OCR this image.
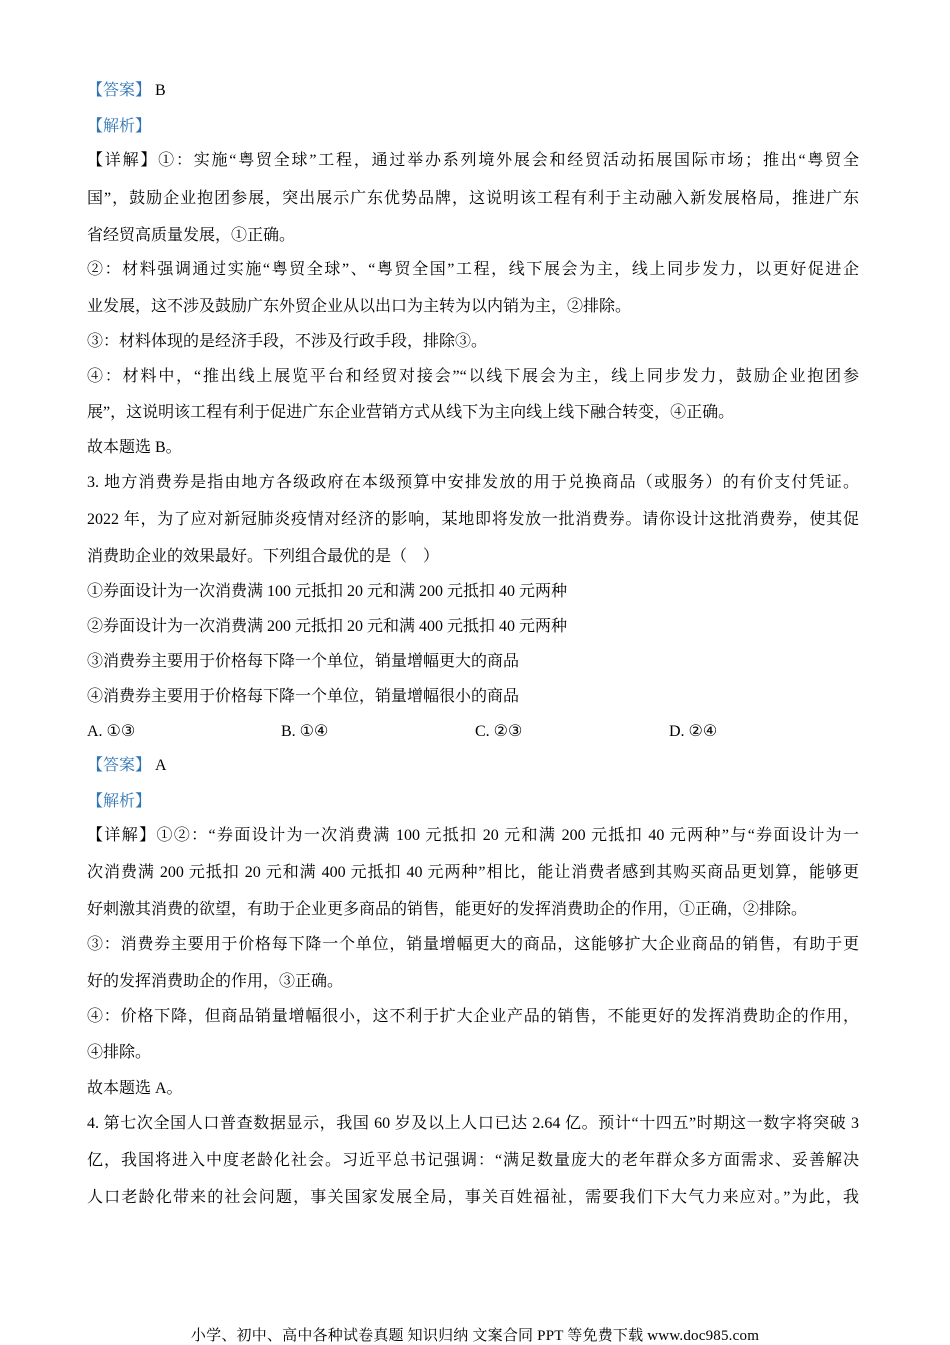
【答案】 B
【解析】
【详解】①：实施“粤贸全球”工程，通过举办系列境外展会和经贸活动拓展国际市场；推出“粤贸全
国”，鼓励企业抱团参展，突出展示广东优势品牌，这说明该工程有利于主动融入新发展格局，推进广东
省经贸高质量发展，①正确。
②：材料强调通过实施“粤贸全球”、“粤贸全国”工程，线下展会为主，线上同步发力，以更好促进企
业发展，这不涉及鼓励广东外贸企业从以出口为主转为以内销为主，②排除。
③：材料体现的是经济手段，不涉及行政手段，排除③。
④：材料中，“推出线上展览平台和经贸对接会”“以线下展会为主，线上同步发力，鼓励企业抱团参
展”，这说明该工程有利于促进广东企业营销方式从线下为主向线上线下融合转变，④正确。
故本题选 B。
3. 地方消费券是指由地方各级政府在本级预算中安排发放的用于兑换商品（或服务）的有价支付凭证。
2022 年，为了应对新冠肺炎疫情对经济的影响，某地即将发放一批消费券。请你设计这批消费券，使其促
消费助企业的效果最好。下列组合最优的是（　）
①券面设计为一次消费满 100 元抵扣 20 元和满 200 元抵扣 40 元两种
②券面设计为一次消费满 200 元抵扣 20 元和满 400 元抵扣 40 元两种
③消费券主要用于价格每下降一个单位，销量增幅更大的商品
④消费券主要用于价格每下降一个单位，销量增幅很小的商品
A. ①③	B. ①④	C. ②③	D. ②④
【答案】 A
【解析】
【详解】①②：“券面设计为一次消费满 100 元抵扣 20 元和满 200 元抵扣 40 元两种”与“券面设计为一
次消费满 200 元抵扣 20 元和满 400 元抵扣 40 元两种”相比，能让消费者感到其购买商品更划算，能够更
好刺激其消费的欲望，有助于企业更多商品的销售，能更好的发挥消费助企的作用，①正确，②排除。
③：消费券主要用于价格每下降一个单位，销量增幅更大的商品，这能够扩大企业商品的销售，有助于更
好的发挥消费助企的作用，③正确。
④：价格下降，但商品销量增幅很小，这不利于扩大企业产品的销售，不能更好的发挥消费助企的作用，
④排除。
故本题选 A。
4. 第七次全国人口普查数据显示，我国 60 岁及以上人口已达 2.64 亿。预计“十四五”时期这一数字将突破 3
亿，我国将进入中度老龄化社会。习近平总书记强调：“满足数量庞大的老年群众多方面需求、妥善解决
人口老龄化带来的社会问题，事关国家发展全局，事关百姓福祉，需要我们下大气力来应对。”为此，我
小学、初中、高中各种试卷真题 知识归纳 文案合同 PPT 等免费下载 www.doc985.com
